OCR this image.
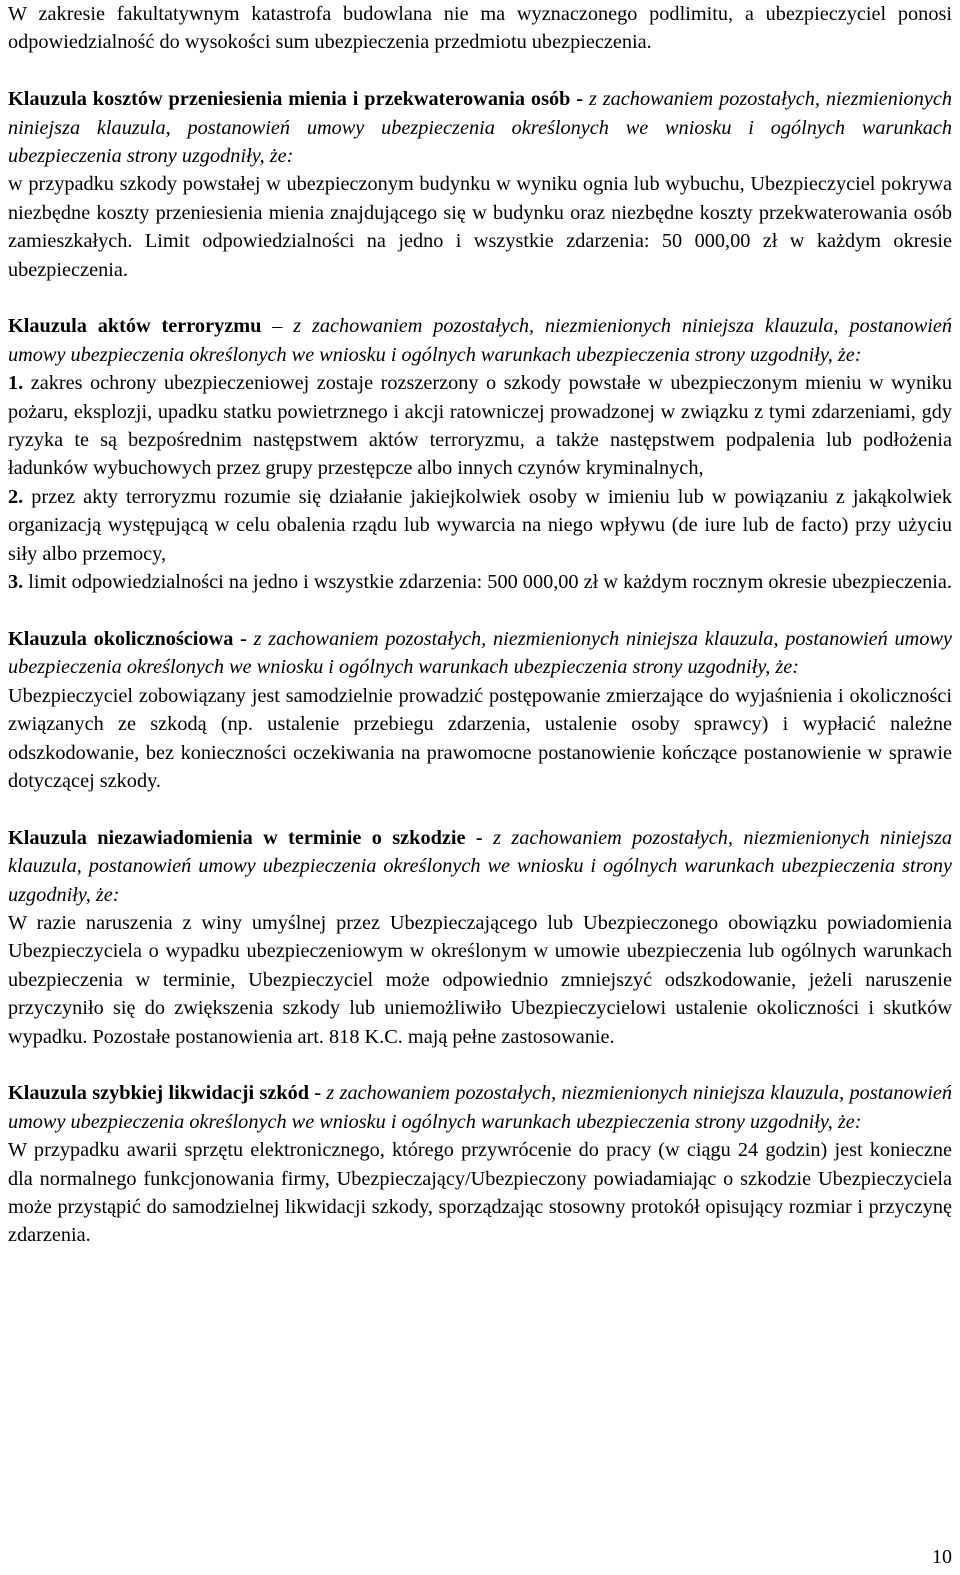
W zakresie fakultatywnym katastrofa budowlana nie ma wyznaczonego podlimitu, a ubezpieczyciel ponosi odpowiedzialność do wysokości sum ubezpieczenia przedmiotu ubezpieczenia.

Klauzula kosztów przeniesienia mienia i przekwaterowania osób - z zachowaniem pozostałych, niezmienionych niniejsza klauzula, postanowień umowy ubezpieczenia określonych we wniosku i ogólnych warunkach ubezpieczenia strony uzgodniły, że:

w przypadku szkody powstałej w ubezpieczonym budynku w wyniku ognia lub wybuchu, Ubezpieczyciel pokrywa niezbędne koszty przeniesienia mienia znajdującego się w budynku oraz niezbędne koszty przekwaterowania osób zamieszkałych. Limit odpowiedzialności na jedno i wszystkie zdarzenia: 50 000,00 zł w każdym okresie ubezpieczenia.

Klauzula aktów terroryzmu – z zachowaniem pozostałych, niezmienionych niniejsza klauzula, postanowień umowy ubezpieczenia określonych we wniosku i ogólnych warunkach ubezpieczenia strony uzgodniły, że:

1. zakres ochrony ubezpieczeniowej zostaje rozszerzony o szkody powstałe w ubezpieczonym mieniu w wyniku pożaru, eksplozji, upadku statku powietrznego i akcji ratowniczej prowadzonej w związku z tymi zdarzeniami, gdy ryzyka te są bezpośrednim następstwem aktów terroryzmu, a także następstwem podpalenia lub podłożenia ładunków wybuchowych przez grupy przestępcze albo innych czynów kryminalnych,

2. przez akty terroryzmu rozumie się działanie jakiejkolwiek osoby w imieniu lub w powiązaniu z jakąkolwiek organizacją występującą w celu obalenia rządu lub wywarcia na niego wpływu (de iure lub de facto) przy użyciu siły albo przemocy,

3. limit odpowiedzialności na jedno i wszystkie zdarzenia: 500 000,00 zł w każdym rocznym okresie ubezpieczenia.

Klauzula okolicznościowa - z zachowaniem pozostałych, niezmienionych niniejsza klauzula, postanowień umowy ubezpieczenia określonych we wniosku i ogólnych warunkach ubezpieczenia strony uzgodniły, że:

Ubezpieczyciel zobowiązany jest samodzielnie prowadzić postępowanie zmierzające do wyjaśnienia i okoliczności związanych ze szkodą (np. ustalenie przebiegu zdarzenia, ustalenie osoby sprawcy) i wypłacić należne odszkodowanie, bez konieczności oczekiwania na prawomocne postanowienie kończące postanowienie w sprawie dotyczącej szkody.

Klauzula niezawiadomienia w terminie o szkodzie - z zachowaniem pozostałych, niezmienionych niniejsza klauzula, postanowień umowy ubezpieczenia określonych we wniosku i ogólnych warunkach ubezpieczenia strony uzgodniły, że:

W razie naruszenia z winy umyślnej przez Ubezpieczającego lub Ubezpieczonego obowiązku powiadomienia Ubezpieczyciela o wypadku ubezpieczeniowym w określonym w umowie ubezpieczenia lub ogólnych warunkach ubezpieczenia w terminie, Ubezpieczyciel może odpowiednio zmniejszyć odszkodowanie, jeżeli naruszenie przyczyniło się do zwiększenia szkody lub uniemożliwiło Ubezpieczycielowi ustalenie okoliczności i skutków wypadku. Pozostałe postanowienia art. 818 K.C. mają pełne zastosowanie.

Klauzula szybkiej likwidacji szkód - z zachowaniem pozostałych, niezmienionych niniejsza klauzula, postanowień umowy ubezpieczenia określonych we wniosku i ogólnych warunkach ubezpieczenia strony uzgodniły, że:

W przypadku awarii sprzętu elektronicznego, którego przywrócenie do pracy (w ciągu 24 godzin) jest konieczne dla normalnego funkcjonowania firmy, Ubezpieczający/Ubezpieczony powiadamiając o szkodzie Ubezpieczyciela może przystąpić do samodzielnej likwidacji szkody, sporządzając stosowny protokół opisujący rozmiar i przyczynę zdarzenia.

10
